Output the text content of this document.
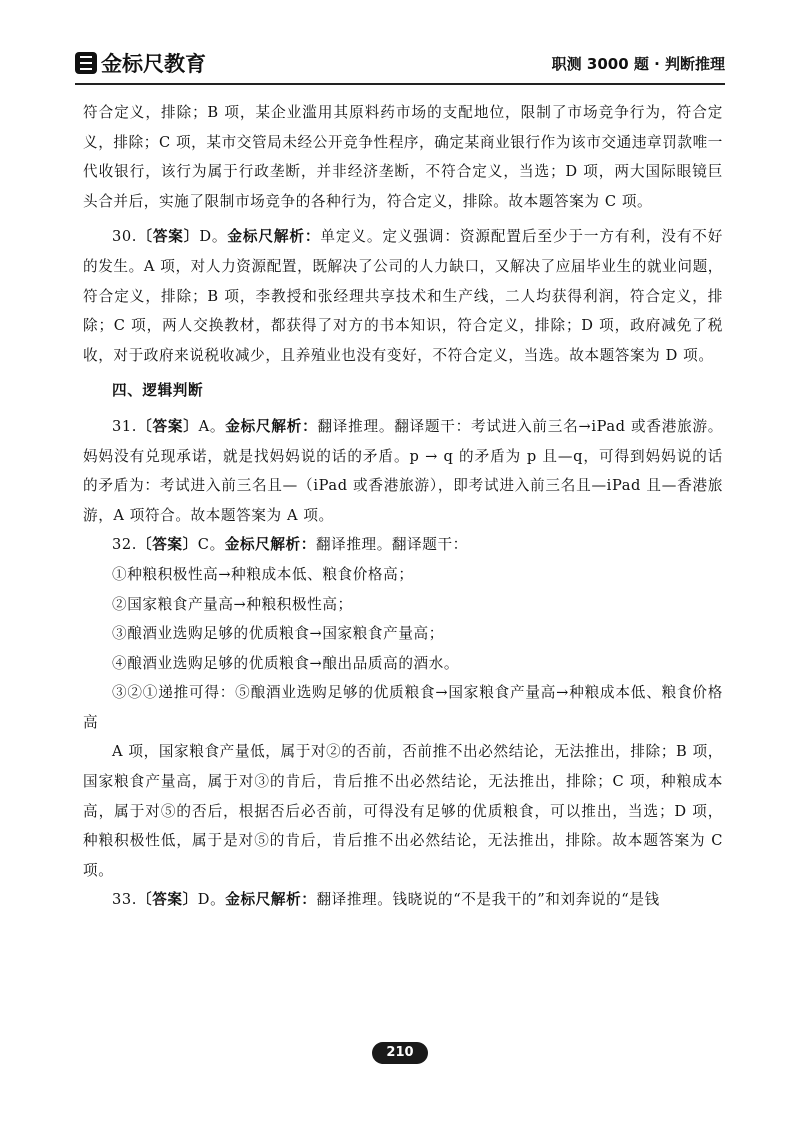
金标尺教育	职测 3000 题 · 判断推理

符合定义，排除；B 项，某企业滥用其原料药市场的支配地位，限制了市场竞争行为，符合定义，排除；C 项，某市交管局未经公开竞争性程序，确定某商业银行作为该市交通违章罚款唯一代收银行，该行为属于行政垄断，并非经济垄断，不符合定义，当选；D 项，两大国际眼镜巨头合并后，实施了限制市场竞争的各种行为，符合定义，排除。故本题答案为 C 项。

30.〔答案〕D。金标尺解析：单定义。定义强调：资源配置后至少于一方有利，没有不好的发生。A 项，对人力资源配置，既解决了公司的人力缺口，又解决了应届毕业生的就业问题，符合定义，排除；B 项，李教授和张经理共享技术和生产线，二人均获得利润，符合定义，排除；C 项，两人交换教材，都获得了对方的书本知识，符合定义，排除；D 项，政府减免了税收，对于政府来说税收减少，且养殖业也没有变好，不符合定义，当选。故本题答案为 D 项。

四、逻辑判断

31.〔答案〕A。金标尺解析：翻译推理。翻译题干：考试进入前三名→iPad 或香港旅游。妈妈没有兑现承诺，就是找妈妈说的话的矛盾。p → q 的矛盾为 p 且—q，可得到妈妈说的话的矛盾为：考试进入前三名且—（iPad 或香港旅游），即考试进入前三名且—iPad 且—香港旅游，A 项符合。故本题答案为 A 项。

32.〔答案〕C。金标尺解析：翻译推理。翻译题干：

①种粮积极性高→种粮成本低、粮食价格高；

②国家粮食产量高→种粮积极性高；

③酿酒业选购足够的优质粮食→国家粮食产量高；

④酿酒业选购足够的优质粮食→酿出品质高的酒水。

③②①递推可得：⑤酿酒业选购足够的优质粮食→国家粮食产量高→种粮成本低、粮食价格高

A 项，国家粮食产量低，属于对②的否前，否前推不出必然结论，无法推出，排除；B 项，国家粮食产量高，属于对③的肯后，肯后推不出必然结论，无法推出，排除；C 项，种粮成本高，属于对⑤的否后，根据否后必否前，可得没有足够的优质粮食，可以推出，当选；D 项，种粮积极性低，属于是对⑤的肯后，肯后推不出必然结论，无法推出，排除。故本题答案为 C 项。

33.〔答案〕D。金标尺解析：翻译推理。钱晓说的“不是我干的”和刘奔说的“是钱

210
